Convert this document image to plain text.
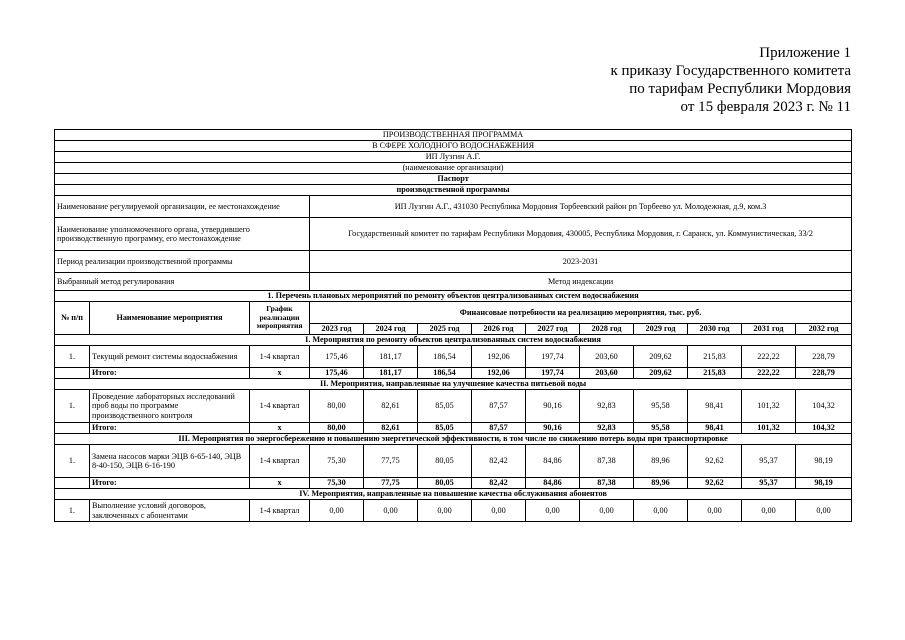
Приложение 1
к приказу Государственного комитета
по тарифам Республики Мордовия
от 15 февраля 2023 г. № 11
ПРОИЗВОДСТВЕННАЯ ПРОГРАММА												
В СФЕРЕ ХОЛОДНОГО ВОДОСНАБЖЕНИЯ												
ИП Лузгин А.Г.												
(наименование организации)												
Паспорт												
производственной программы												
Наименование регулируемой организации, ее местонахождение			ИП Лузгин А.Г., 431030 Республика Мордовия Торбеевский район рп Торбеево ул. Молодежная, д.9, ком.3									
Наименование уполномоченного органа, утвердившего производственную программу, его местонахождение			Государственный комитет по тарифам Республики Мордовия, 430005, Республика Мордовия, г. Саранск, ул. Коммунистическая, 33/2									
Период реализации производственной программы			2023-2031									
Выбранный метод регулирования			Метод индексации									
1. Перечень плановых мероприятий по ремонту объектов централизованных систем водоснабжения												
№ п/п	Наименование мероприятия	График реализации мероприятия	Финансовые потребности на реализацию мероприятия, тыс. руб.									
			2023 год	2024 год	2025 год	2026 год	2027 год	2028 год	2029 год	2030 год	2031 год	2032 год
I. Мероприятия по ремонту объектов централизованных систем водоснабжения												
1.	Текущий ремонт системы водоснабжения	1-4 квартал	175,46	181,17	186,54	192,06	197,74	203,60	209,62	215,83	222,22	228,79
	Итого:	х	175,46	181,17	186,54	192,06	197,74	203,60	209,62	215,83	222,22	228,79
II. Мероприятия, направленные на улучшение качества питьевой воды												
1.	Проведение лабораторных исследований проб воды по программе производственного контроля	1-4 квартал	80,00	82,61	85,05	87,57	90,16	92,83	95,58	98,41	101,32	104,32
	Итого:	х	80,00	82,61	85,05	87,57	90,16	92,83	95,58	98,41	101,32	104,32
III. Мероприятия по энергосбережению и повышению энергетической эффективности, в том числе по снижению потерь воды при транспортировке												
1.	Замена насосов марки ЭЦВ 6-65-140, ЭЦВ 8-40-150, ЭЦВ 6-16-190	1-4 квартал	75,30	77,75	80,05	82,42	84,86	87,38	89,96	92,62	95,37	98,19
	Итого:	х	75,30	77,75	80,05	82,42	84,86	87,38	89,96	92,62	95,37	98,19
IV. Мероприятия, направленные на повышение качества обслуживания абонентов												
1.	Выполнение условий договоров, заключенных с абонентами	1-4 квартал	0,00	0,00	0,00	0,00	0,00	0,00	0,00	0,00	0,00	0,00
